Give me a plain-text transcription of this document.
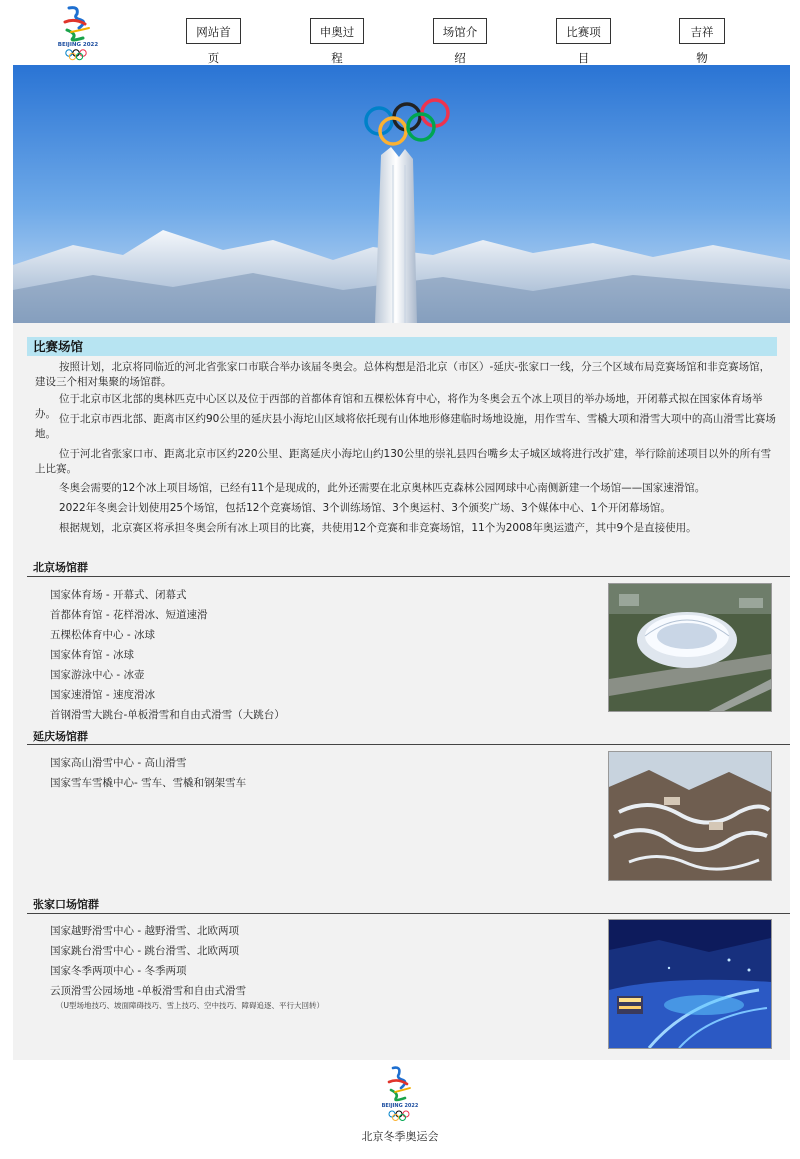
BEIJING 2022
网站首页
申奥过程
场馆介绍
比赛项目
吉祥物
比赛场馆

按照计划，北京将同临近的河北省张家口市联合举办该届冬奥会。总体构想是沿北京（市区）-延庆-张家口一线，分三个区域布局竞赛场馆和非竞赛场馆，建设三个相对集聚的场馆群。

位于北京市区北部的奥林匹克中心区以及位于西部的首都体育馆和五棵松体育中心，将作为冬奥会五个冰上项目的举办场地，开闭幕式拟在国家体育场举办。 位于北京市西北部、距离市区约90公里的延庆县小海坨山区域将依托现有山体地形修建临时场地设施，用作雪车、雪橇大项和滑雪大项中的高山滑雪比赛场地。

位于河北省张家口市、距离北京市区约220公里、距离延庆小海坨山约130公里的崇礼县四台嘴乡太子城区域将进行改扩建，举行除前述项目以外的所有雪上比赛。

冬奥会需要的12个冰上项目场馆，已经有11个是现成的，此外还需要在北京奥林匹克森林公园网球中心南侧新建一个场馆——国家速滑馆。

2022年冬奥会计划使用25个场馆，包括12个竞赛场馆、3个训练场馆、3个奥运村、3个颁奖广场、3个媒体中心、1个开闭幕场馆。

根据规划，北京赛区将承担冬奥会所有冰上项目的比赛，共使用12个竞赛和非竞赛场馆，11个为2008年奥运遗产，其中9个是直接使用。

北京场馆群
国家体育场 - 开幕式、闭幕式
首都体育馆 - 花样滑冰、短道速滑
五棵松体育中心 - 冰球
国家体育馆 - 冰球
国家游泳中心 - 冰壶
国家速滑馆 - 速度滑冰
首钢滑雪大跳台-单板滑雪和自由式滑雪（大跳台）
延庆场馆群
国家高山滑雪中心 - 高山滑雪
国家雪车雪橇中心- 雪车、雪橇和钢架雪车
张家口场馆群
国家越野滑雪中心 - 越野滑雪、北欧两项
国家跳台滑雪中心 - 跳台滑雪、北欧两项
国家冬季两项中心 - 冬季两项
云顶滑雪公园场地 -单板滑雪和自由式滑雪
（U型场地技巧、坡面障碍技巧、雪上技巧、空中技巧、障碍追逐、平行大回转）
BEIJING 2022
北京冬季奥运会
